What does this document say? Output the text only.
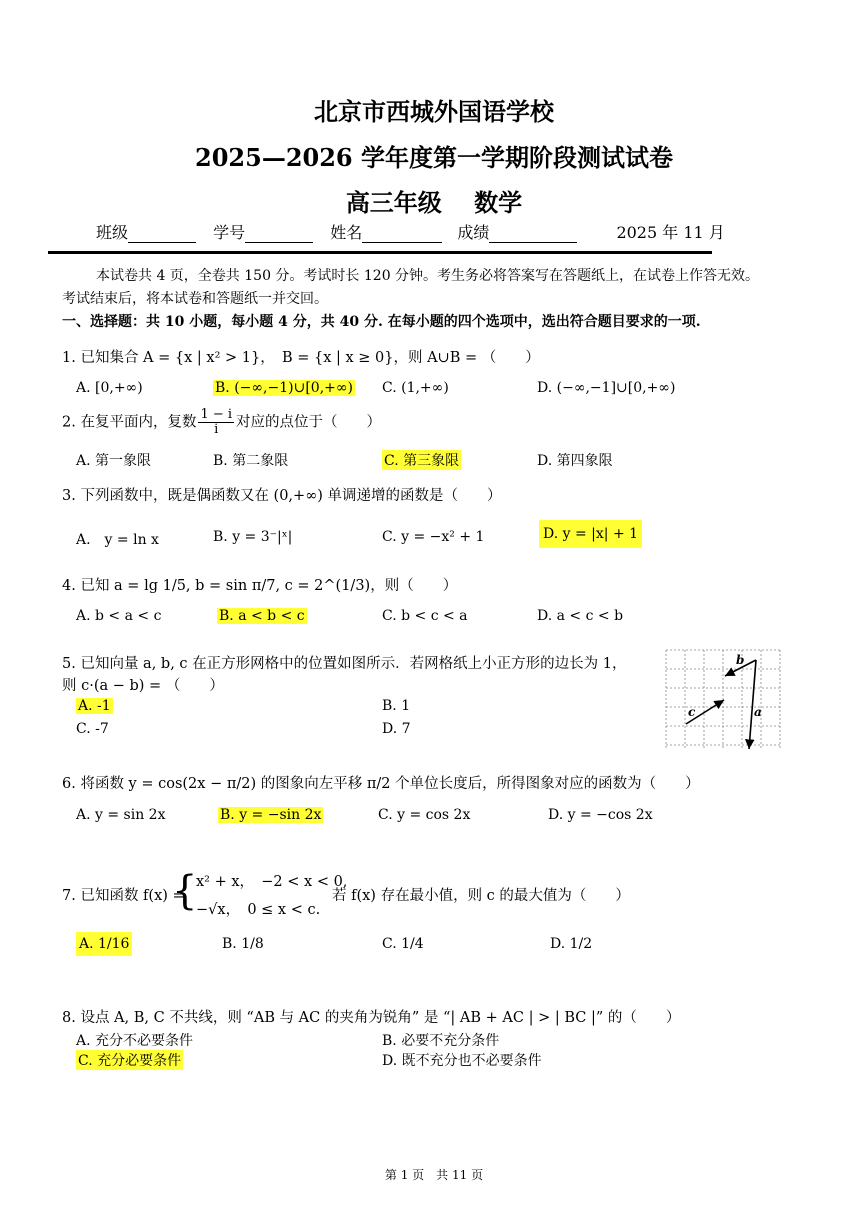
北京市西城外国语学校
2025—2026 学年度第一学期阶段测试试卷
高三年级　 数学
班级	学号	姓名	成绩	2025 年 11 月
本试卷共 4 页，全卷共 150 分。考试时长 120 分钟。考生务必将答案写在答题纸上，在试卷上作答无效。
考试结束后，将本试卷和答题纸一并交回。
一、选择题：共 10 小题，每小题 4 分，共 40 分. 在每小题的四个选项中，选出符合题目要求的一项.
1. 已知集合 A = {x | x² > 1}，　B = {x | x ≥ 0}，则 A∪B = （　　）
A. [0,+∞)	B. (−∞,−1)∪[0,+∞) C. (1,+∞)	D. (−∞,−1]∪[0,+∞)
2. 在复平面内，复数 $\frac{1 - i}{i}$ 对应的点位于（　　）
A. 第一象限	B. 第二象限	C. 第三象限	D. 第四象限
3. 下列函数中，既是偶函数又在 (0,+∞) 单调递增的函数是（　　）
A.　y = ln x	B. y = 3⁻|ˣ|	C. y = −x² + 1	D. y = |x| + 1
4. 已知 a = lg 1/5, b = sin π/7, c = 2^(1/3)，则（　　）
A. b < a < c	B. a < b < c	C. b < c < a	D. a < c < b
5. 已知向量 a, b, c 在正方形网格中的位置如图所示．若网格纸上小正方形的边长为 1，
则 c·(a − b) = （　　）
A. -1	B. 1
C. -7	D. 7
a
b
c
6. 将函数 y = cos(2x − π/2) 的图象向左平移 π/2 个单位长度后，所得图象对应的函数为（　　）
A. y = sin 2x	B. y = −sin 2x	C. y = cos 2x	D. y = −cos 2x
7. 已知函数 f(x) =
{
x² + x，　−2 < x < 0,
−√x，　0 ≤ x < c.
若 f(x) 存在最小值，则 c 的最大值为（　　）
A. 1/16	B. 1/8	C. 1/4	D. 1/2
8. 设点 A, B, C 不共线，则 “AB 与 AC 的夹角为锐角” 是 “| AB + AC | > | BC |” 的（　　）
A. 充分不必要条件	B. 必要不充分条件
C. 充分必要条件	D. 既不充分也不必要条件
第 1 页　共 11 页
